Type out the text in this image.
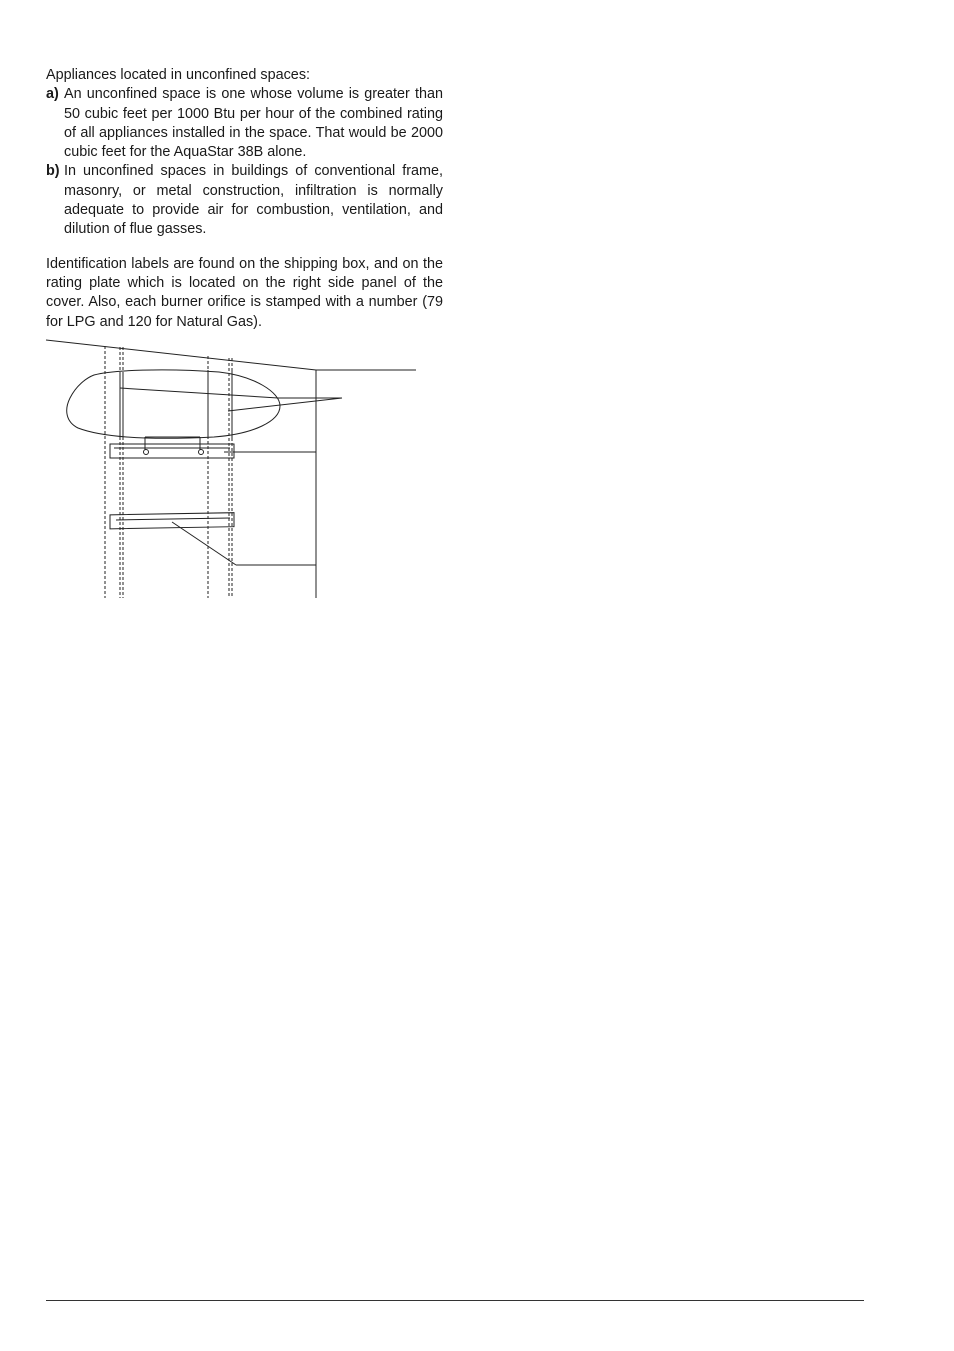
Appliances located in unconfined spaces:

a) An unconfined space is one whose volume is greater than 50 cubic feet per 1000 Btu per hour of the combined rating of all appliances installed in the space. That would be 2000 cubic feet for the AquaStar 38B alone.

b) In unconfined spaces in buildings of conventional frame, masonry, or metal construction, infiltration is normally adequate to provide air for combustion, ventilation, and dilution of flue gasses.

Identification labels are found on the shipping box, and on the rating plate which is located on the right side panel of the cover. Also, each burner orifice is stamped with a number (79 for LPG and 120 for Natural Gas).
